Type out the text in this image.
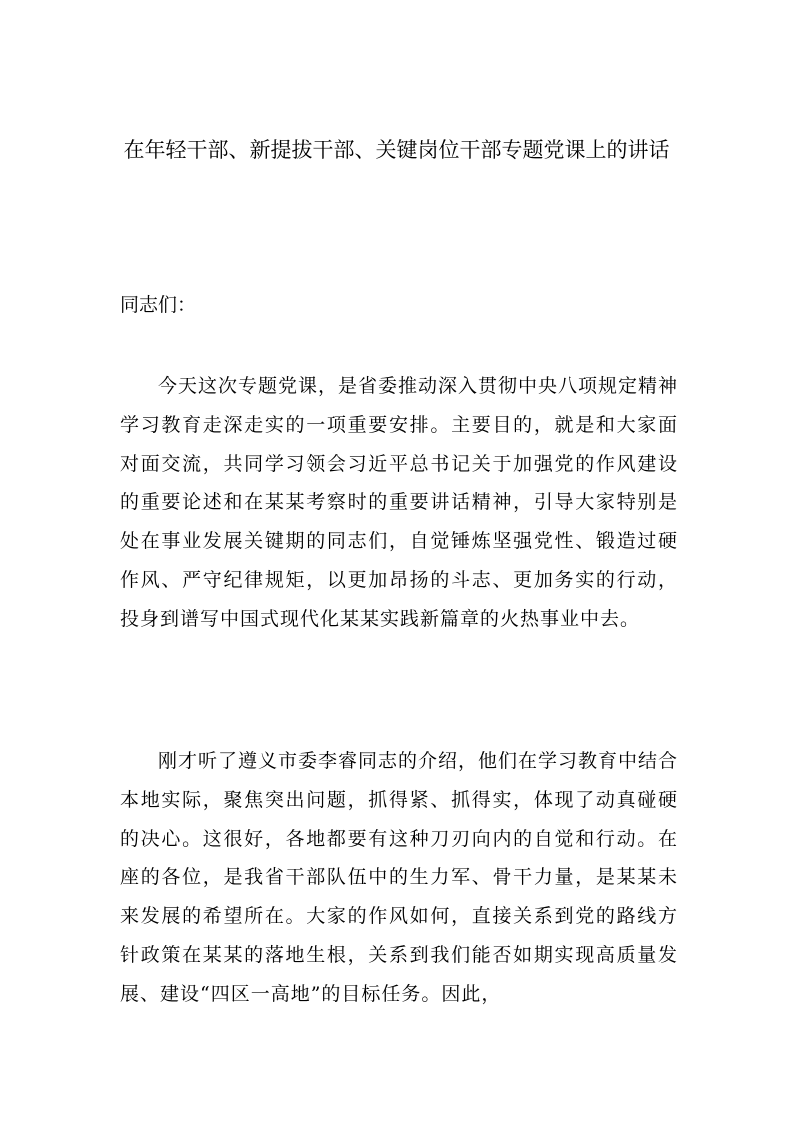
在年轻干部、新提拔干部、关键岗位干部专题党课上的讲话

同志们：

今天这次专题党课，是省委推动深入贯彻中央八项规定精神学习教育走深走实的一项重要安排。主要目的，就是和大家面对面交流，共同学习领会习近平总书记关于加强党的作风建设的重要论述和在某某考察时的重要讲话精神，引导大家特别是处在事业发展关键期的同志们，自觉锤炼坚强党性、锻造过硬作风、严守纪律规矩，以更加昂扬的斗志、更加务实的行动，投身到谱写中国式现代化某某实践新篇章的火热事业中去。

刚才听了遵义市委李睿同志的介绍，他们在学习教育中结合本地实际，聚焦突出问题，抓得紧、抓得实，体现了动真碰硬的决心。这很好，各地都要有这种刀刃向内的自觉和行动。在座的各位，是我省干部队伍中的生力军、骨干力量，是某某未来发展的希望所在。大家的作风如何，直接关系到党的路线方针政策在某某的落地生根，关系到我们能否如期实现高质量发展、建设“四区一高地”的目标任务。因此，
